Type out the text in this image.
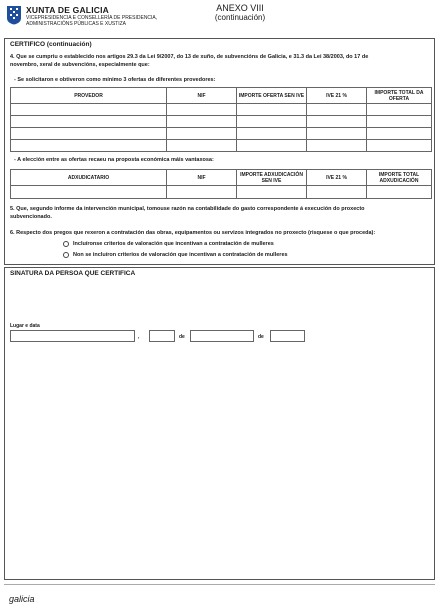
XUNTA DE GALICIA
VICEPRESIDENCIA E CONSELLERÍA DE PRESIDENCIA,
ADMINISTRACIÓNS PÚBLICAS E XUSTIZA
ANEXO VIII
(continuación)
CERTIFICO (continuación)
4. Que se cumpriu o establecido nos artigos 29.3 da Lei 9/2007, do 13 de xuño, de subvencións de Galicia, e 31.3 da Lei 38/2003, do 17 de
novembro, xeral de subvencións, especialmente que:
- Se solicitaron e obtiveron como mínimo 3 ofertas de diferentes provedores:
PROVEDOR	NIF	IMPORTE OFERTA SEN IVE	IVE 21 %	IMPORTE TOTAL DA OFERTA

- A elección entre as ofertas recaeu na proposta económica máis vantaxosa:
ADXUDICATARIO	NIF	IMPORTE ADXUDICACIÓN SEN IVE	IVE 21 %	IMPORTE TOTAL ADXUDICACIÓN

5. Que, segundo informe da intervención municipal, tomouse razón na contabilidade do gasto correspondente á execución do proxecto
subvencionado.
6. Respecto dos pregos que rexeron a contratación das obras, equipamentos ou servizos integrados no proxecto (risquese o que proceda):
Incluíronse criterios de valoración que incentivan a contratación de mulleres
Non se incluíron criterios de valoración que incentivan a contratación de mulleres
SINATURA DA PERSOA QUE CERTIFICA
Lugar e data
,	de	de
galicia
